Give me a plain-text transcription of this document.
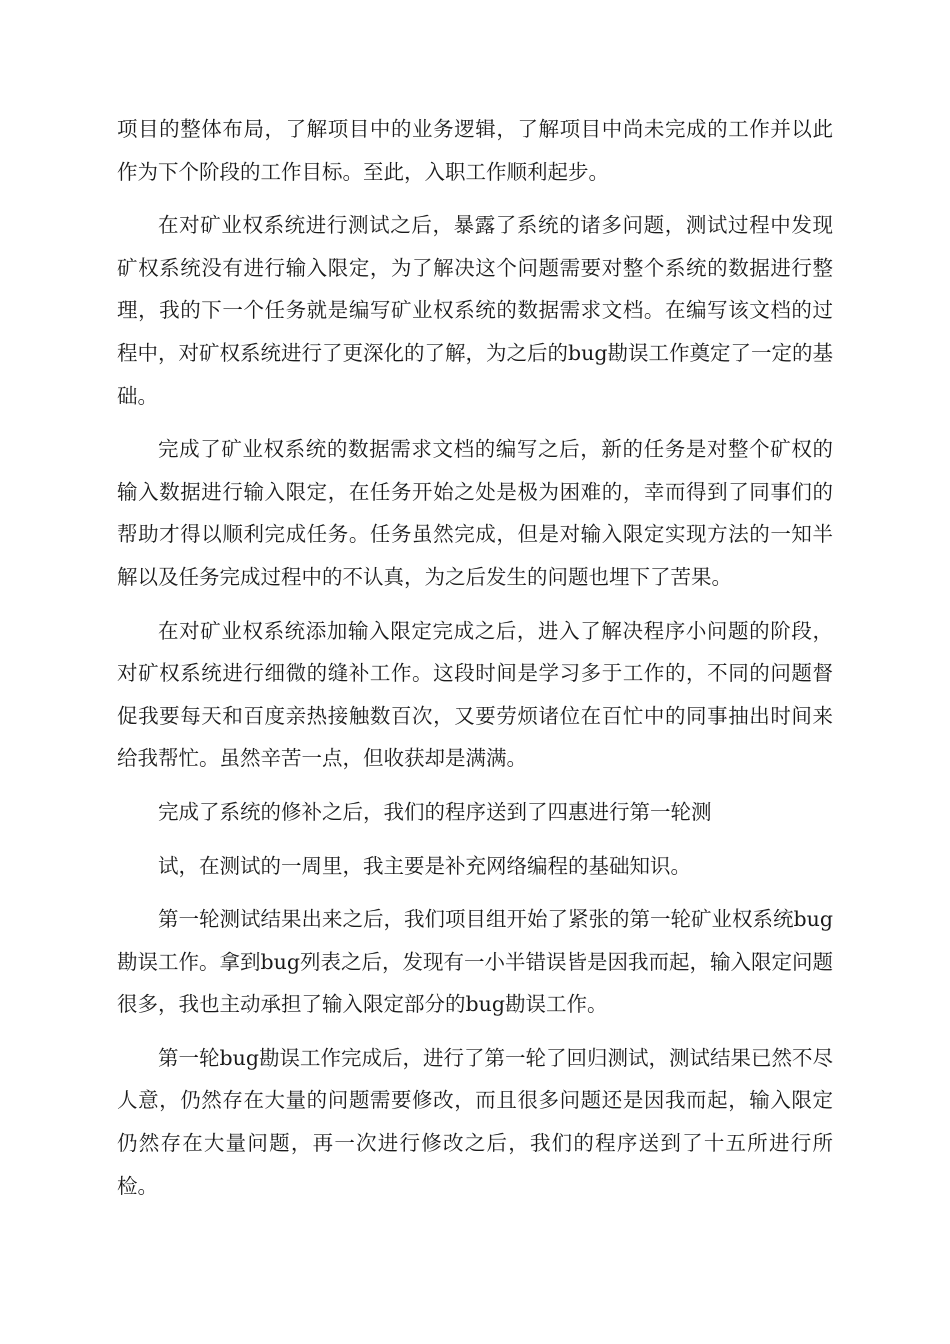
项目的整体布局，了解项目中的业务逻辑，了解项目中尚未完成的工作并以此作为下个阶段的工作目标。至此，入职工作顺利起步。

在对矿业权系统进行测试之后，暴露了系统的诸多问题，测试过程中发现矿权系统没有进行输入限定，为了解决这个问题需要对整个系统的数据进行整理，我的下一个任务就是编写矿业权系统的数据需求文档。在编写该文档的过程中，对矿权系统进行了更深化的了解，为之后的bug勘误工作奠定了一定的基础。

完成了矿业权系统的数据需求文档的编写之后，新的任务是对整个矿权的输入数据进行输入限定，在任务开始之处是极为困难的，幸而得到了同事们的帮助才得以顺利完成任务。任务虽然完成，但是对输入限定实现方法的一知半解以及任务完成过程中的不认真，为之后发生的问题也埋下了苦果。

在对矿业权系统添加输入限定完成之后，进入了解决程序小问题的阶段，对矿权系统进行细微的缝补工作。这段时间是学习多于工作的，不同的问题督促我要每天和百度亲热接触数百次，又要劳烦诸位在百忙中的同事抽出时间来给我帮忙。虽然辛苦一点，但收获却是满满。

完成了系统的修补之后，我们的程序送到了四惠进行第一轮测

试，在测试的一周里，我主要是补充网络编程的基础知识。

第一轮测试结果出来之后，我们项目组开始了紧张的第一轮矿业权系统bug勘误工作。拿到bug列表之后，发现有一小半错误皆是因我而起，输入限定问题很多，我也主动承担了输入限定部分的bug勘误工作。

第一轮bug勘误工作完成后，进行了第一轮了回归测试，测试结果已然不尽人意，仍然存在大量的问题需要修改，而且很多问题还是因我而起，输入限定仍然存在大量问题，再一次进行修改之后，我们的程序送到了十五所进行所检。
